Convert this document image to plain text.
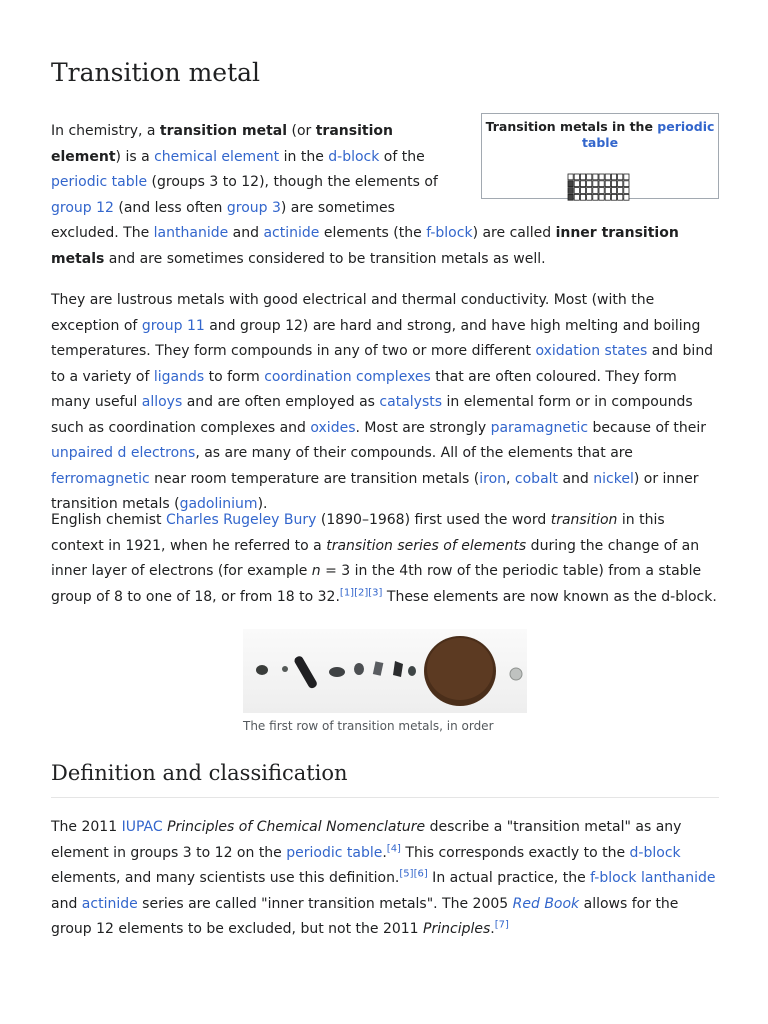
Transition metal
Transition metals in the periodic table

In chemistry, a transition metal (or transition element) is a chemical element in the d-block of the periodic table (groups 3 to 12), though the elements of group 12 (and less often group 3) are sometimes excluded. The lanthanide and actinide elements (the f-block) are called inner transition metals and are sometimes considered to be transition metals as well.

They are lustrous metals with good electrical and thermal conductivity. Most (with the exception of group 11 and group 12) are hard and strong, and have high melting and boiling temperatures. They form compounds in any of two or more different oxidation states and bind to a variety of ligands to form coordination complexes that are often coloured. They form many useful alloys and are often employed as catalysts in elemental form or in compounds such as coordination complexes and oxides. Most are strongly paramagnetic because of their unpaired d electrons, as are many of their compounds. All of the elements that are ferromagnetic near room temperature are transition metals (iron, cobalt and nickel) or inner transition metals (gadolinium).

English chemist Charles Rugeley Bury (1890–1968) first used the word transition in this context in 1921, when he referred to a transition series of elements during the change of an inner layer of electrons (for example n = 3 in the 4th row of the periodic table) from a stable group of 8 to one of 18, or from 18 to 32.[1][2][3] These elements are now known as the d-block.

The first row of transition metals, in order
Definition and classification

The 2011 IUPAC Principles of Chemical Nomenclature describe a "transition metal" as any element in groups 3 to 12 on the periodic table.[4] This corresponds exactly to the d-block elements, and many scientists use this definition.[5][6] In actual practice, the f-block lanthanide and actinide series are called "inner transition metals". The 2005 Red Book allows for the group 12 elements to be excluded, but not the 2011 Principles.[7]
